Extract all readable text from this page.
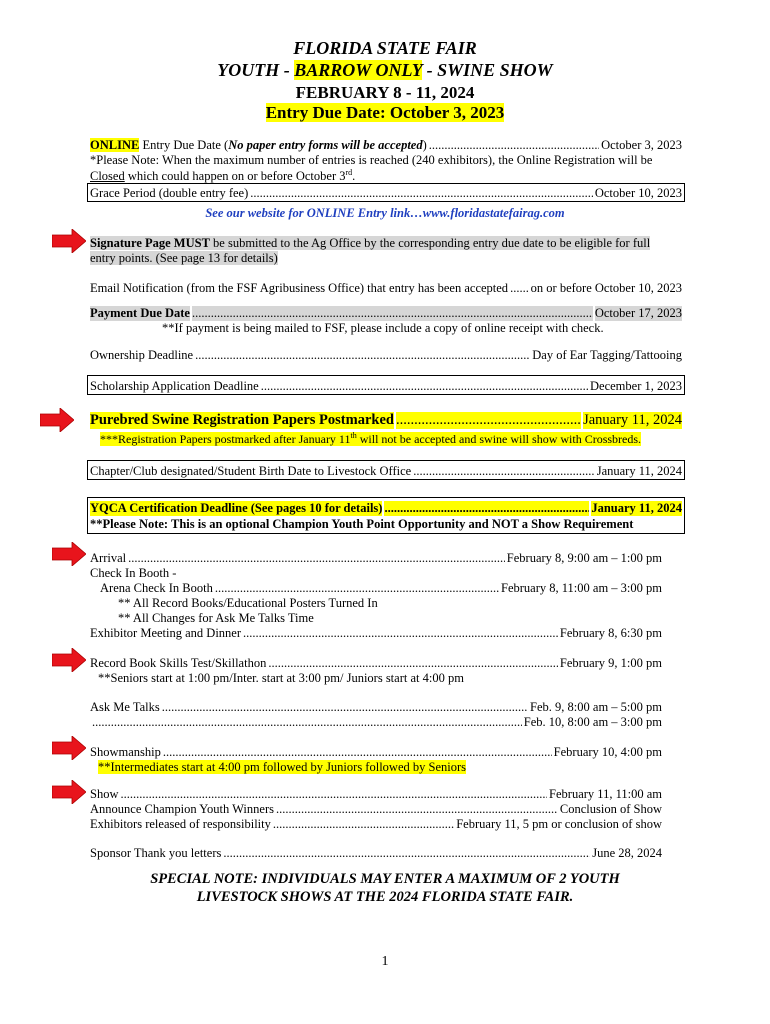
FLORIDA STATE FAIR
YOUTH - BARROW ONLY - SWINE SHOW
FEBRUARY 8 - 11, 2024
Entry Due Date: October 3, 2023
ONLINE Entry Due Date (No paper entry forms will be accepted) .....	October 3, 2023
*Please Note: When the maximum number of entries is reached (240 exhibitors), the Online Registration will be
Closed which could happen on or before October 3rd.
Grace Period (double entry fee) .....	October 10, 2023
See our website for ONLINE Entry link…www.floridastatefairag.com
Signature Page MUST be submitted to the Ag Office by the corresponding entry due date to be eligible for full
entry points. (See page 13 for details)
Email Notification (from the FSF Agribusiness Office) that entry has been accepted ..... on or before October 10, 2023
Payment Due Date .....	October 17, 2023
**If payment is being mailed to FSF, please include a copy of online receipt with check.
Ownership Deadline .....	Day of Ear Tagging/Tattooing
Scholarship Application Deadline .....	December 1, 2023
Purebred Swine Registration Papers Postmarked .....	January 11, 2024
***Registration Papers postmarked after January 11th will not be accepted and swine will show with Crossbreds.
Chapter/Club designated/Student Birth Date to Livestock Office .....	January 11, 2024
YQCA Certification Deadline (See pages 10 for details) .....	January 11, 2024
**Please Note: This is an optional Champion Youth Point Opportunity and NOT a Show Requirement
Arrival .....	February 8, 9:00 am – 1:00 pm
Check In Booth -
Arena Check In Booth .....	February 8, 11:00 am – 3:00 pm
** All Record Books/Educational Posters Turned In
** All Changes for Ask Me Talks Time
Exhibitor Meeting and Dinner .....	February 8, 6:30 pm
Record Book Skills Test/Skillathon .....	February 9, 1:00 pm
**Seniors start at 1:00 pm/Inter. start at 3:00 pm/ Juniors start at 4:00 pm
Ask Me Talks .....	Feb. 9, 8:00 am – 5:00 pm
.....
Feb. 10, 8:00 am – 3:00 pm
Showmanship .....	February 10, 4:00 pm
**Intermediates start at 4:00 pm followed by Juniors followed by Seniors
Show .....	February 11, 11:00 am
Announce Champion Youth Winners .....	Conclusion of Show
Exhibitors released of responsibility .....	February 11, 5 pm or conclusion of show
Sponsor Thank you letters .....	June 28, 2024
SPECIAL NOTE: INDIVIDUALS MAY ENTER A MAXIMUM OF 2 YOUTH
LIVESTOCK SHOWS AT THE 2024 FLORIDA STATE FAIR.
1
